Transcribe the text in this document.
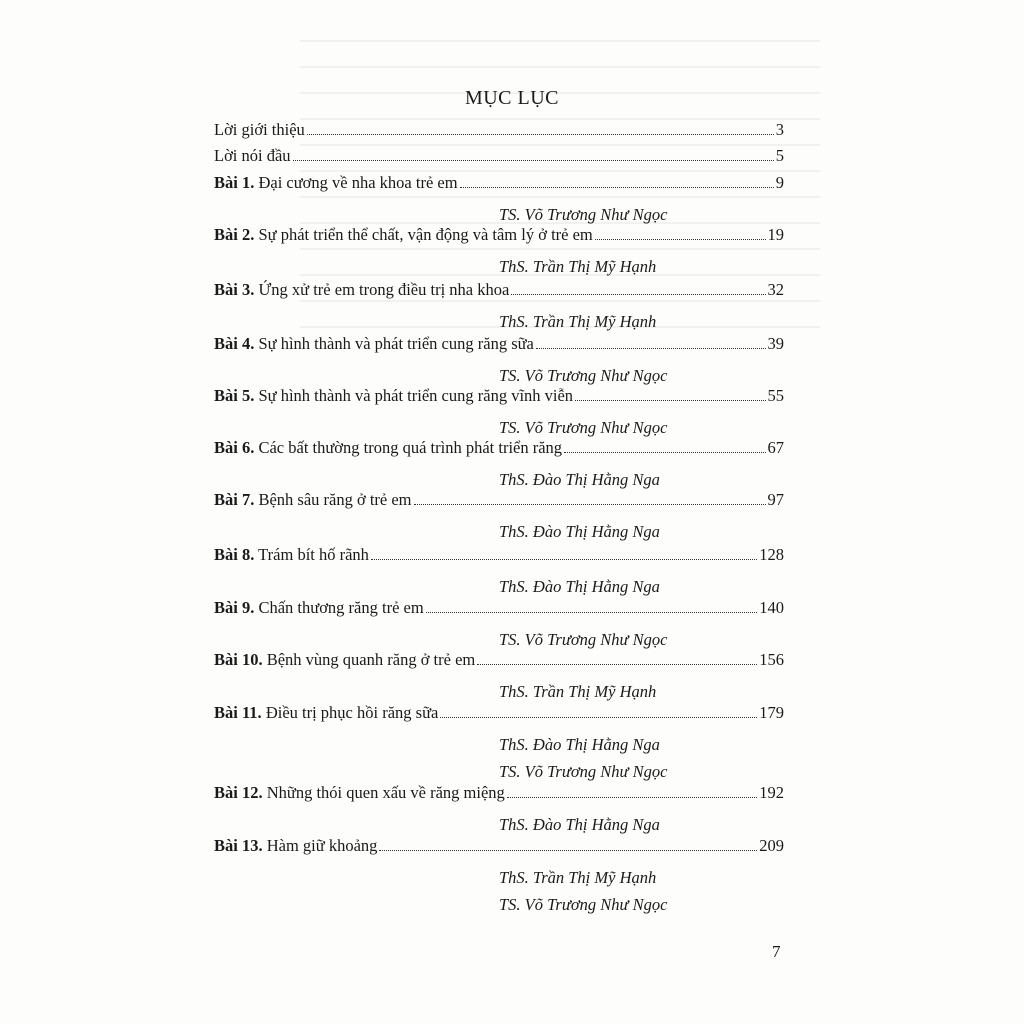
MỤC LỤC
Lời giới thiệu	3
Lời nói đầu	5
Bài 1. Đại cương về nha khoa trẻ em	9
TS. Võ Trương Như Ngọc
Bài 2. Sự phát triển thể chất, vận động và tâm lý ở trẻ em	19
ThS. Trần Thị Mỹ Hạnh
Bài 3. Ứng xử trẻ em trong điều trị nha khoa	32
ThS. Trần Thị Mỹ Hạnh
Bài 4. Sự hình thành và phát triển cung răng sữa	39
TS. Võ Trương Như Ngọc
Bài 5. Sự hình thành và phát triển cung răng vĩnh viễn	55
TS. Võ Trương Như Ngọc
Bài 6. Các bất thường trong quá trình phát triển răng	67
ThS. Đào Thị Hằng Nga
Bài 7. Bệnh sâu răng ở trẻ em	97
ThS. Đào Thị Hằng Nga
Bài 8. Trám bít hố rãnh	128
ThS. Đào Thị Hằng Nga
Bài 9. Chấn thương răng trẻ em	140
TS. Võ Trương Như Ngọc
Bài 10. Bệnh vùng quanh răng ở trẻ em	156
ThS. Trần Thị Mỹ Hạnh
Bài 11. Điều trị phục hồi răng sữa	179
ThS. Đào Thị Hằng Nga
TS. Võ Trương Như Ngọc
Bài 12. Những thói quen xấu về răng miệng	192
ThS. Đào Thị Hằng Nga
Bài 13. Hàm giữ khoảng	209
ThS. Trần Thị Mỹ Hạnh
TS. Võ Trương Như Ngọc
7
